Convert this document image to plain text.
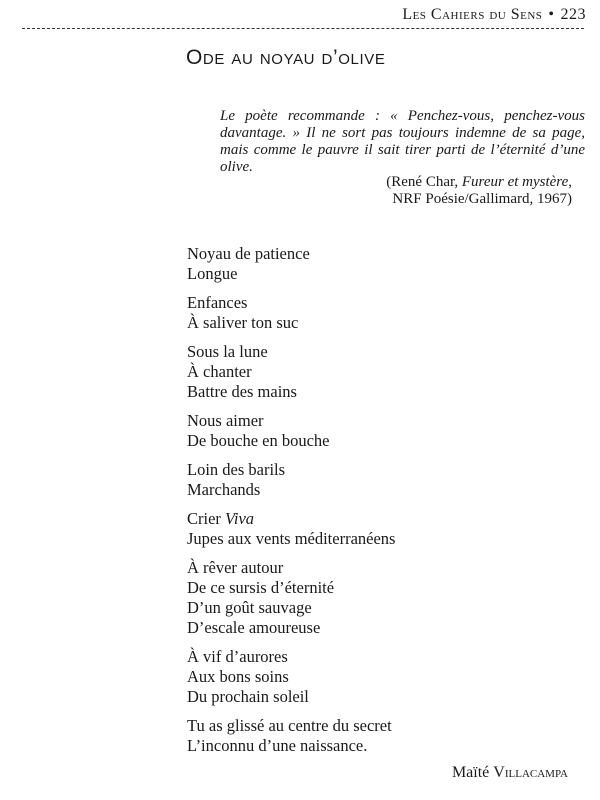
Les Cahiers du Sens • 223
Ode au noyau d’olive
Le poète recommande : « Penchez-vous, penchez-vous davantage. » Il ne sort pas toujours indemne de sa page, mais comme le pauvre il sait tirer parti de l’éternité d’une olive.
(René Char, Fureur et mystère,
NRF Poésie/Gallimard, 1967)
Noyau de patience
Longue
Enfances
À saliver ton suc
Sous la lune
À chanter
Battre des mains
Nous aimer
De bouche en bouche
Loin des barils
Marchands
Crier Viva
Jupes aux vents méditerranéens
À rêver autour
De ce sursis d’éternité
D’un goût sauvage
D’escale amoureuse
À vif d’aurores
Aux bons soins
Du prochain soleil
Tu as glissé au centre du secret
L’inconnu d’une naissance.
Maïté Villacampa
